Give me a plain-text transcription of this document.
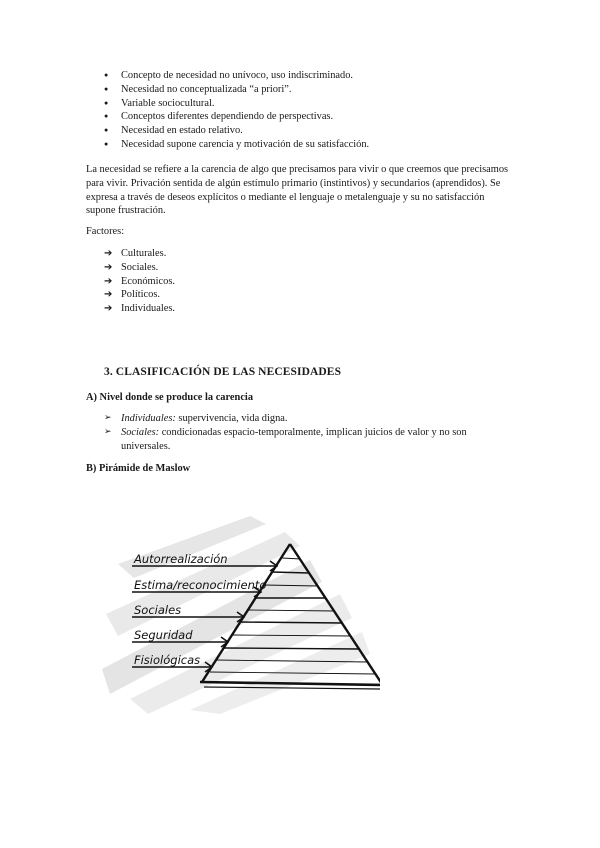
● Concepto de necesidad no unívoco, uso indiscriminado.
● Necesidad no conceptualizada “a priori”.
● Variable sociocultural.
● Conceptos diferentes dependiendo de perspectivas.
● Necesidad en estado relativo.
● Necesidad supone carencia y motivación de su satisfacción.

La necesidad se refiere a la carencia de algo que precisamos para vivir o que creemos que precisamos para vivir. Privación sentida de algún estímulo primario (instintivos) y secundarios (aprendidos). Se expresa a través de deseos explícitos o mediante el lenguaje o metalenguaje y su no satisfacción supone frustración.

Factores:

➔ Culturales.
➔ Sociales.
➔ Económicos.
➔ Políticos.
➔ Individuales.
3. CLASIFICACIÓN DE LAS NECESIDADES
A) Nivel donde se produce la carencia
➢ Individuales: supervivencia, vida digna.
➢ Sociales: condicionadas espacio-temporalmente, implican juicios de valor y no son universales.
B) Pirámide de Maslow
Autorrealización
Estima/reconocimiento
Sociales
Seguridad
Fisiológicas
